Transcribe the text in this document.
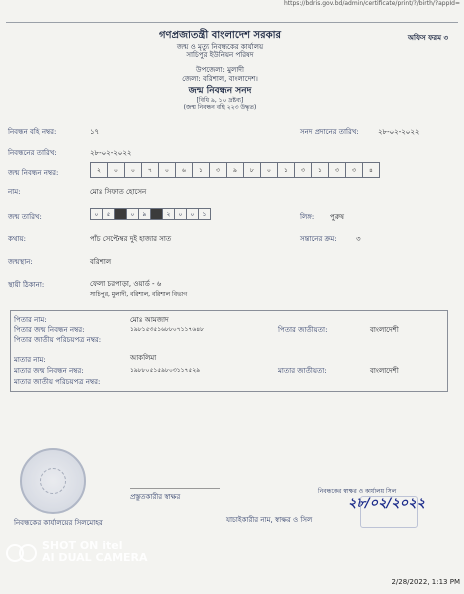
https://bdris.gov.bd/admin/certificate/print/?/birth/?appId=
গণপ্রজাতন্ত্রী বাংলাদেশ সরকার
জন্ম ও মৃত্যু নিবন্ধকের কার্যালয়
সাচিপুর ইউনিয়ন পরিষদ
উপজেলা: মুলাদী
জেলা: বরিশাল, বাংলাদেশ।
জন্ম নিবন্ধন সনদ
[বিধি ৯, ১০ দ্রষ্টব্য]
(জন্ম নিবন্ধন বহি ২২৩ উদ্ধৃত)
অফিস ফরম ৩
নিবন্ধন বহি নম্বর:	১৭	সনদ প্রদানের তারিখ:	২৮-০২-২০২২
নিবন্ধনের তারিখ:	২৮-০২-২০২২
জন্ম নিবন্ধন নম্বর:	২	০	০	৭	০	৬	১	৩	৯	৮	০	১	৩	১	৩	৩	৪
নাম:	মোঃ সিফাত হোসেন
জন্ম তারিখ:	০	৫	০	৯	২	০	০	১	লিঙ্গ: পুরুষ
কথায়:	পাঁচ সেপ্টেম্বর দুই হাজার সাত	সন্তানের ক্রম:	৩
জন্মস্থান:	বরিশাল
স্থায়ী ঠিকানা:	ফেলা চরপাড়া, ওয়ার্ড - ৬
সাচিপুর, মুলাদী, বরিশাল, বরিশাল বিভাগ
পিতার নাম:	মোঃ আমজাদ
পিতার জন্ম নিবন্ধন নম্বর:	১৯৮১৫৩৫১৬৮৮০৭১১৭৬৪৮
পিতার জাতীয় পরিচয়পত্র নম্বর:
পিতার জাতীয়তা:	বাংলাদেশী
মাতার নাম:	আকলিমা
মাতার জন্ম নিবন্ধন নম্বর:	১৯৮৮০৫১৫৯৮০৩১১৭৫২৯
মাতার জাতীয় পরিচয়পত্র নম্বর:
মাতার জাতীয়তা:	বাংলাদেশী
প্রস্তুতকারীর স্বাক্ষর
যাচাইকারীর নাম, স্বাক্ষর ও সিল
নিবন্ধকের কার্যালয়ের সিলমোহর
নিবন্ধকের স্বাক্ষর ও কার্যালয় সিল
২৮/০২/২০২২
SHOT ON itel
AI DUAL CAMERA
2/28/2022, 1:13 PM
